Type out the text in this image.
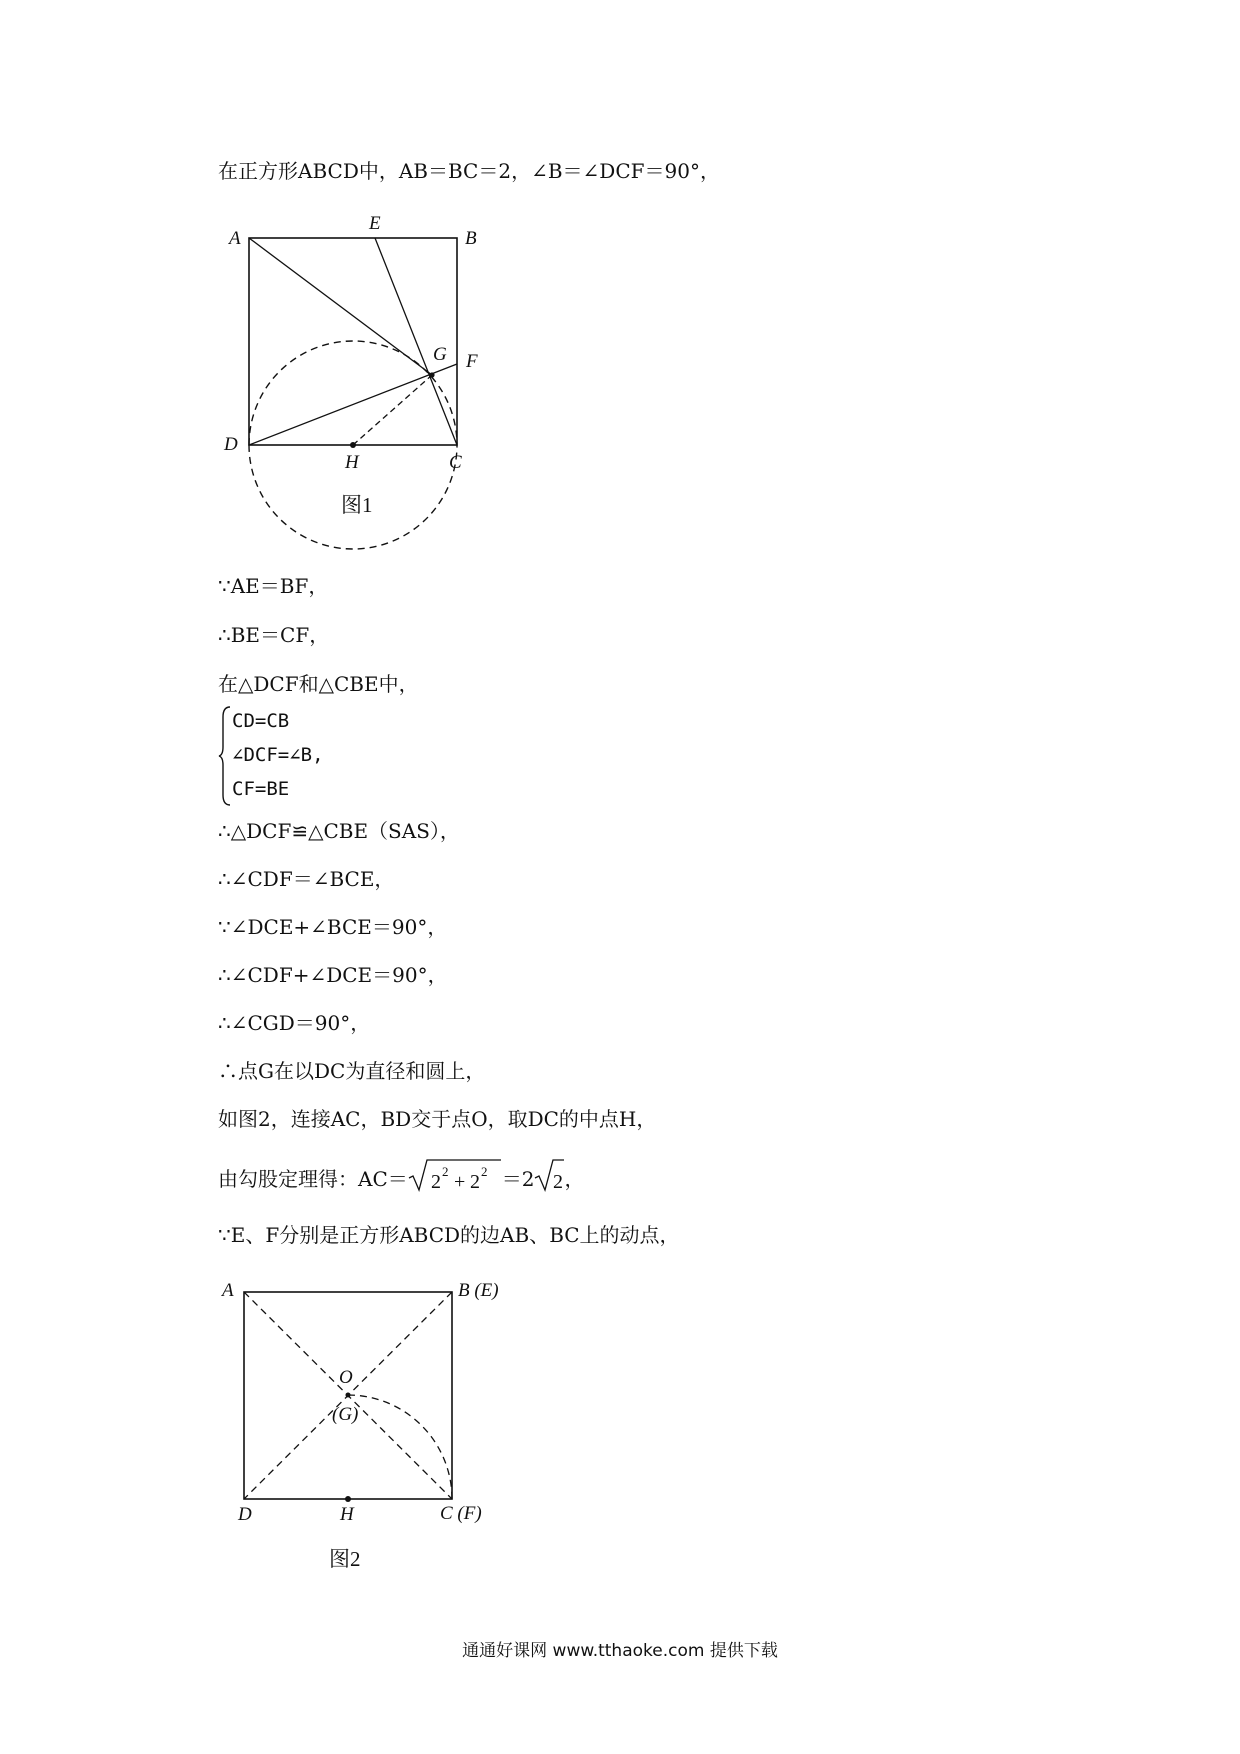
在正方形ABCD中，AB＝BC＝2，∠B＝∠DCF＝90°，

A
E
B
G F
D
H	C
图1

∵AE＝BF，

∴BE＝CF，

在△DCF和△CBE中，

CD=CB
∠DCF=∠B,
CF=BE

∴△DCF≌△CBE（SAS），

∴∠CDF＝∠BCE，

∵∠DCE+∠BCE＝90°，

∴∠CDF+∠DCE＝90°，

∴∠CGD＝90°，

∴点G在以DC为直径和圆上，

如图2，连接AC，BD交于点O，取DC的中点H，

由勾股定理得：AC＝ 2 2 + 2 2 ＝2 2 ，

∵E、F分别是正方形ABCD的边AB、BC上的动点，

A	B (E)
O
(G)
D	H	C (F)
图2
通通好课网 www.tthaoke.com 提供下载
